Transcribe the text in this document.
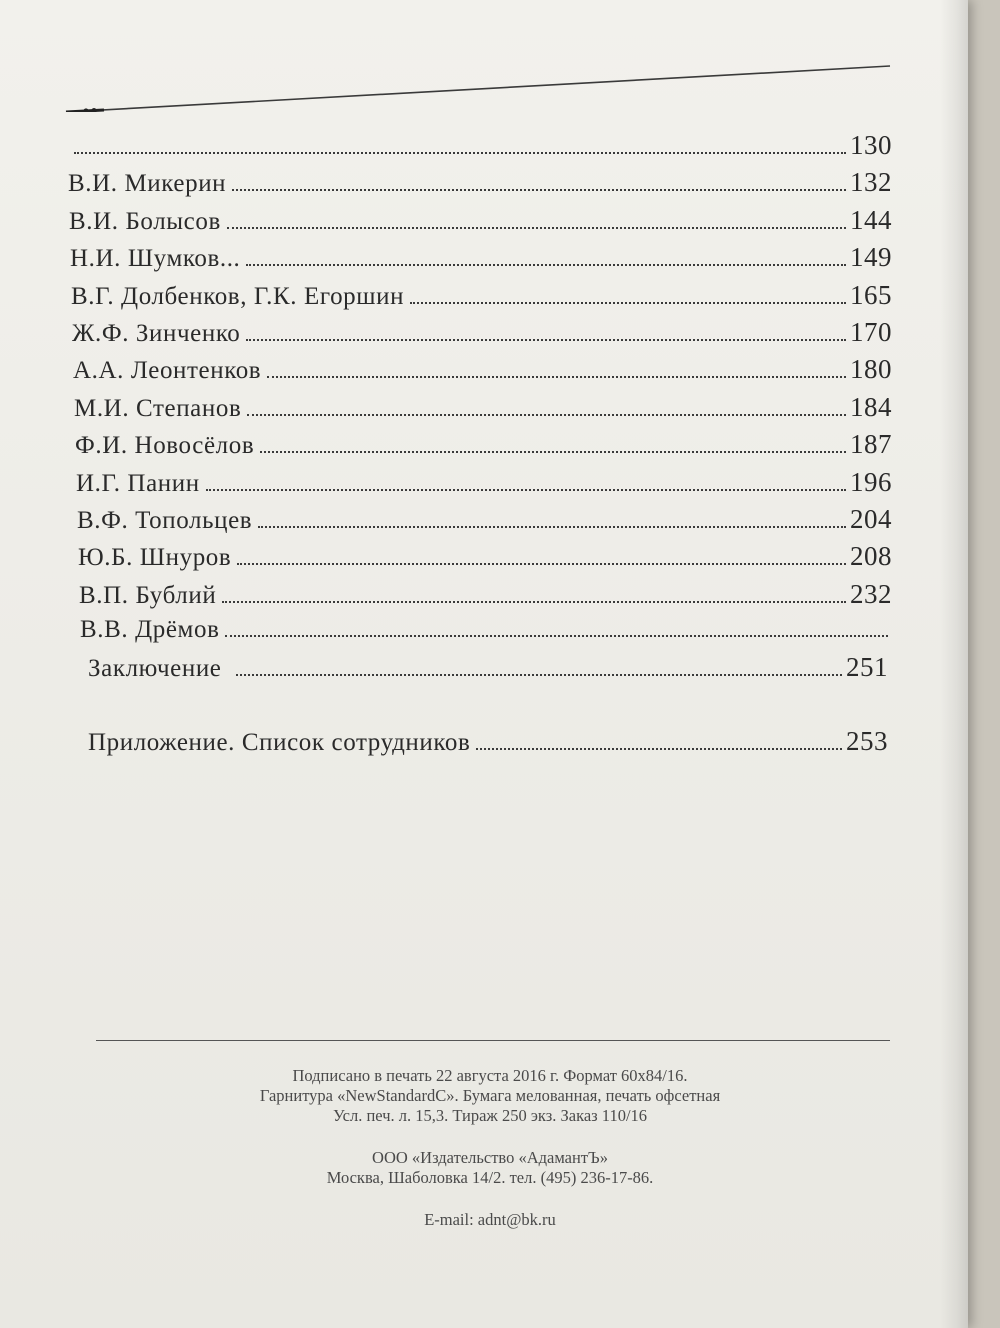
130
В.И. Микерин	132
В.И. Болысов	144
Н.И. Шумков...	149
В.Г. Долбенков, Г.К. Егоршин	165
Ж.Ф. Зинченко	170
А.А. Леонтенков	180
М.И. Степанов	184
Ф.И. Новосёлов	187
И.Г. Панин	196
В.Ф. Топольцев	204
Ю.Б. Шнуров	208
В.П. Бублий	232
В.В. Дрёмов
Заключение	251
Приложение. Список сотрудников	253
Подписано в печать 22 августа 2016 г. Формат 60х84/16.
Гарнитура «NewStandardC». Бумага мелованная, печать офсетная
Усл. печ. л. 15,3. Тираж 250 экз. Заказ 110/16
ООО «Издательство «АдамантЪ»
Москва, Шаболовка 14/2. тел. (495) 236-17-86.
E-mail: adnt@bk.ru
